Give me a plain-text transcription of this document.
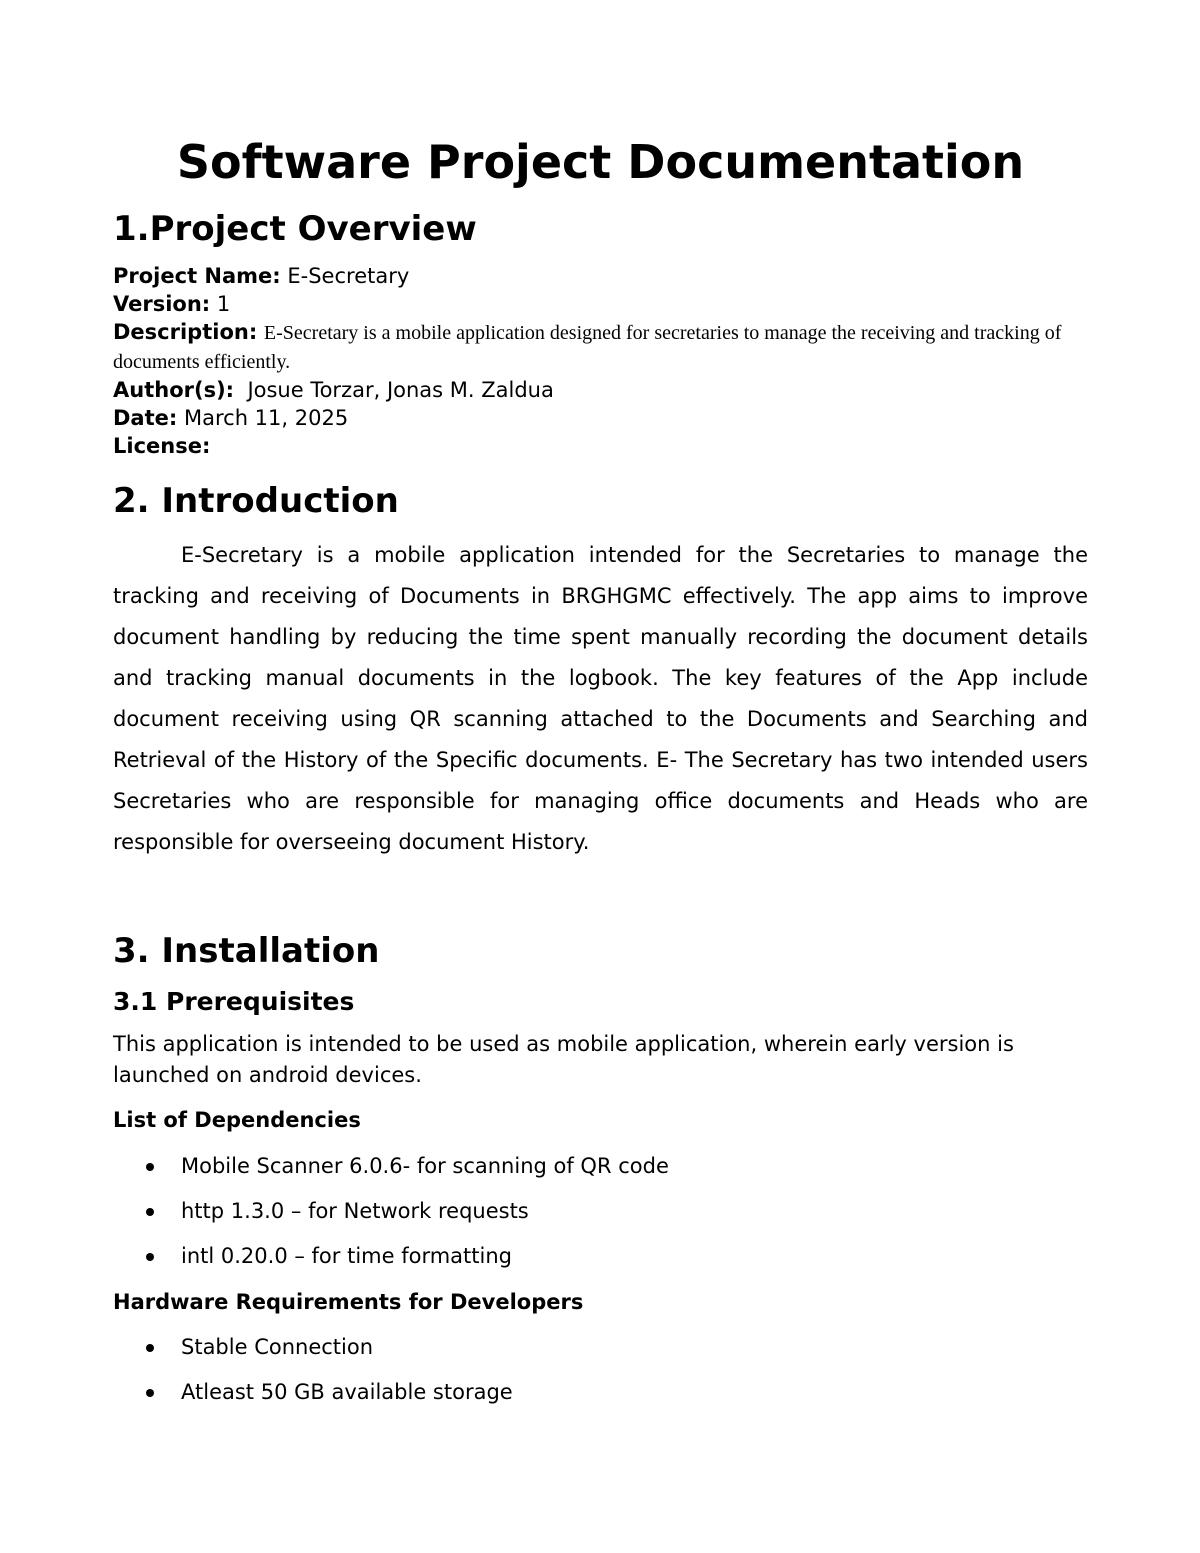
Software Project Documentation
1.Project Overview
Project Name: E-Secretary
Version: 1
Description: E-Secretary is a mobile application designed for secretaries to manage the receiving and tracking of documents efficiently.
Author(s): Josue Torzar, Jonas M. Zaldua
Date: March 11, 2025
License:
2. Introduction

E-Secretary is a mobile application intended for the Secretaries to manage the tracking and receiving of Documents in BRGHGMC effectively. The app aims to improve document handling by reducing the time spent manually recording the document details and tracking manual documents in the logbook. The key features of the App include document receiving using QR scanning attached to the Documents and Searching and Retrieval of the History of the Specific documents. E- The Secretary has two intended users Secretaries who are responsible for managing office documents and Heads who are responsible for overseeing document History.

3. Installation
3.1 Prerequisites

This application is intended to be used as mobile application, wherein early version is launched on android devices.

List of Dependencies
Mobile Scanner 6.0.6- for scanning of QR code
http 1.3.0 – for Network requests
intl 0.20.0 – for time formatting
Hardware Requirements for Developers
Stable Connection
Atleast 50 GB available storage
